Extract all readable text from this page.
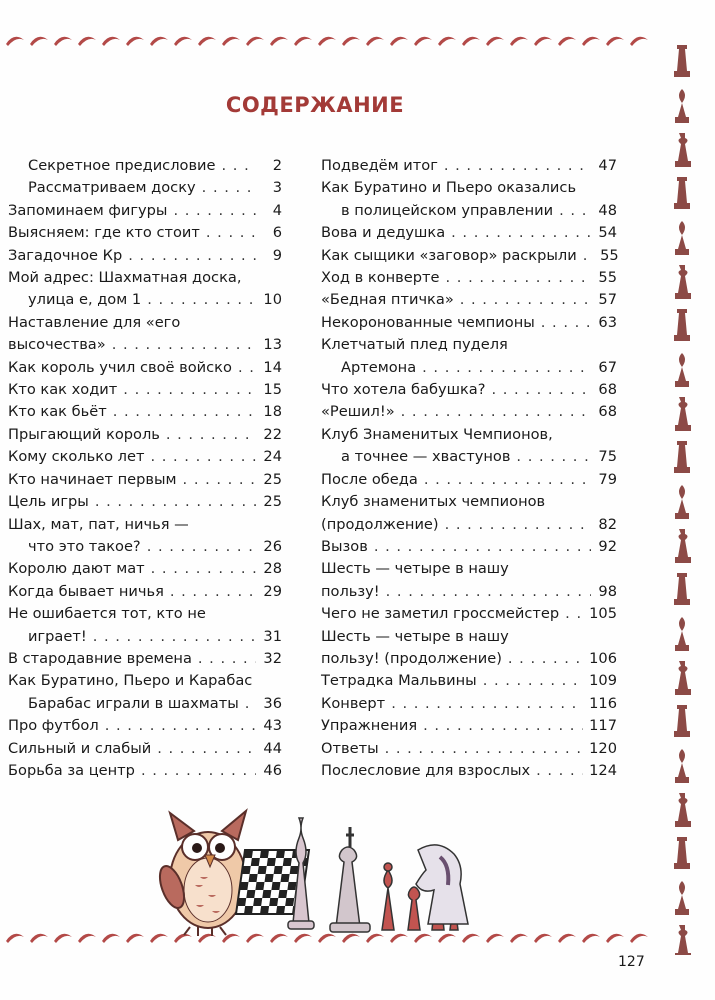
СОДЕРЖАНИЕ
Секретное предисловие . . .	2
Рассматриваем доску . . .	3
Запоминаем фигуры . . .	4
Выясняем: где кто стоит . . .	6
Загадочное Кр . . .	9
Мой адрес: Шахматная доска,
улица е, дом 1 . . .	10
Наставление для «его
высочества» . . .	13
Как король учил своё войско . . . 14
Кто как ходит . . .	15
Кто как бьёт . . .	18
Прыгающий король . . .	22
Кому сколько лет . . .	24
Кто начинает первым . . .	25
Цель игры . . .	25
Шах, мат, пат, ничья —
что это такое? . . .	26
Королю дают мат . . .	28
Когда бывает ничья . . .	29
Не ошибается тот, кто не
играет! . . .	31
В стародавние времена . . .	32
Как Буратино, Пьеро и Карабас
Барабас играли в шахматы . . . 36
Про футбол . . .	43
Сильный и слабый . . .	44
Борьба за центр . . .	46
Подведём итог . . .	47
Как Буратино и Пьеро оказались
в полицейском управлении . . .	48
Вова и дедушка . . .	54
Как сыщики «заговор» раскрыли . . . 55
Ход в конверте . . .	55
«Бедная птичка» . . .	57
Некоронованные чемпионы . . .	63
Клетчатый плед пуделя
Артемона . . .	67
Что хотела бабушка? . . .	68
«Решил!» . . .	68
Клуб Знаменитых Чемпионов,
а точнее — хвастунов . . .	75
После обеда . . .	79
Клуб знаменитых чемпионов
(продолжение) . . .	82
Вызов . . .	92
Шесть — четыре в нашу
пользу! . . .	98
Чего не заметил гроссмейстер . . . 105
Шесть — четыре в нашу
пользу! (продолжение) . . .	106
Тетрадка Мальвины . . .	109
Конверт . . .	116
Упражнения . . .	117
Ответы . . .	120
Послесловие для взрослых . . .	124
127
